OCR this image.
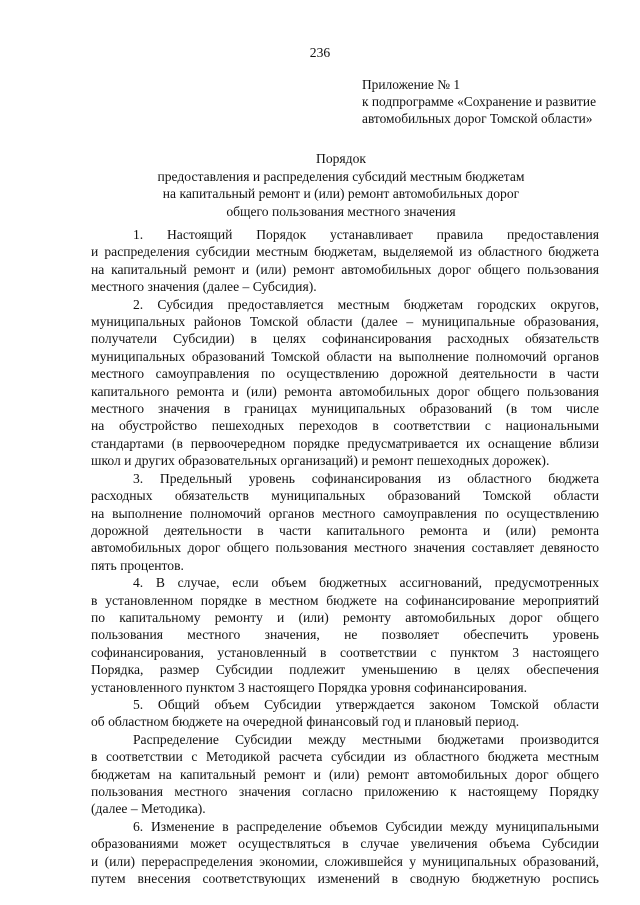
236
Приложение № 1
к подпрограмме «Сохранение и развитие
автомобильных дорог Томской области»
Порядок
предоставления и распределения субсидий местным бюджетам
на капитальный ремонт и (или) ремонт автомобильных дорог
общего пользования местного значения
1. Настоящий Порядок устанавливает правила предоставления
и распределения субсидии местным бюджетам, выделяемой из областного бюджета
на капитальный ремонт и (или) ремонт автомобильных дорог общего пользования
местного значения (далее – Субсидия).
2. Субсидия предоставляется местным бюджетам городских округов,
муниципальных районов Томской области (далее – муниципальные образования,
получатели Субсидии) в целях софинансирования расходных обязательств
муниципальных образований Томской области на выполнение полномочий органов
местного самоуправления по осуществлению дорожной деятельности в части
капитального ремонта и (или) ремонта автомобильных дорог общего пользования
местного значения в границах муниципальных образований (в том числе
на обустройство пешеходных переходов в соответствии с национальными
стандартами (в первоочередном порядке предусматривается их оснащение вблизи
школ и других образовательных организаций) и ремонт пешеходных дорожек).
3. Предельный уровень софинансирования из областного бюджета
расходных обязательств муниципальных образований Томской области
на выполнение полномочий органов местного самоуправления по осуществлению
дорожной деятельности в части капитального ремонта и (или) ремонта
автомобильных дорог общего пользования местного значения составляет девяносто
пять процентов.
4. В случае, если объем бюджетных ассигнований, предусмотренных
в установленном порядке в местном бюджете на софинансирование мероприятий
по капитальному ремонту и (или) ремонту автомобильных дорог общего
пользования местного значения, не позволяет обеспечить уровень
софинансирования, установленный в соответствии с пунктом 3 настоящего
Порядка, размер Субсидии подлежит уменьшению в целях обеспечения
установленного пунктом 3 настоящего Порядка уровня софинансирования.
5. Общий объем Субсидии утверждается законом Томской области
об областном бюджете на очередной финансовый год и плановый период.
Распределение Субсидии между местными бюджетами производится
в соответствии с Методикой расчета субсидии из областного бюджета местным
бюджетам на капитальный ремонт и (или) ремонт автомобильных дорог общего
пользования местного значения согласно приложению к настоящему Порядку
(далее – Методика).
6. Изменение в распределение объемов Субсидии между муниципальными
образованиями может осуществляться в случае увеличения объема Субсидии
и (или) перераспределения экономии, сложившейся у муниципальных образований,
путем внесения соответствующих изменений в сводную бюджетную роспись
